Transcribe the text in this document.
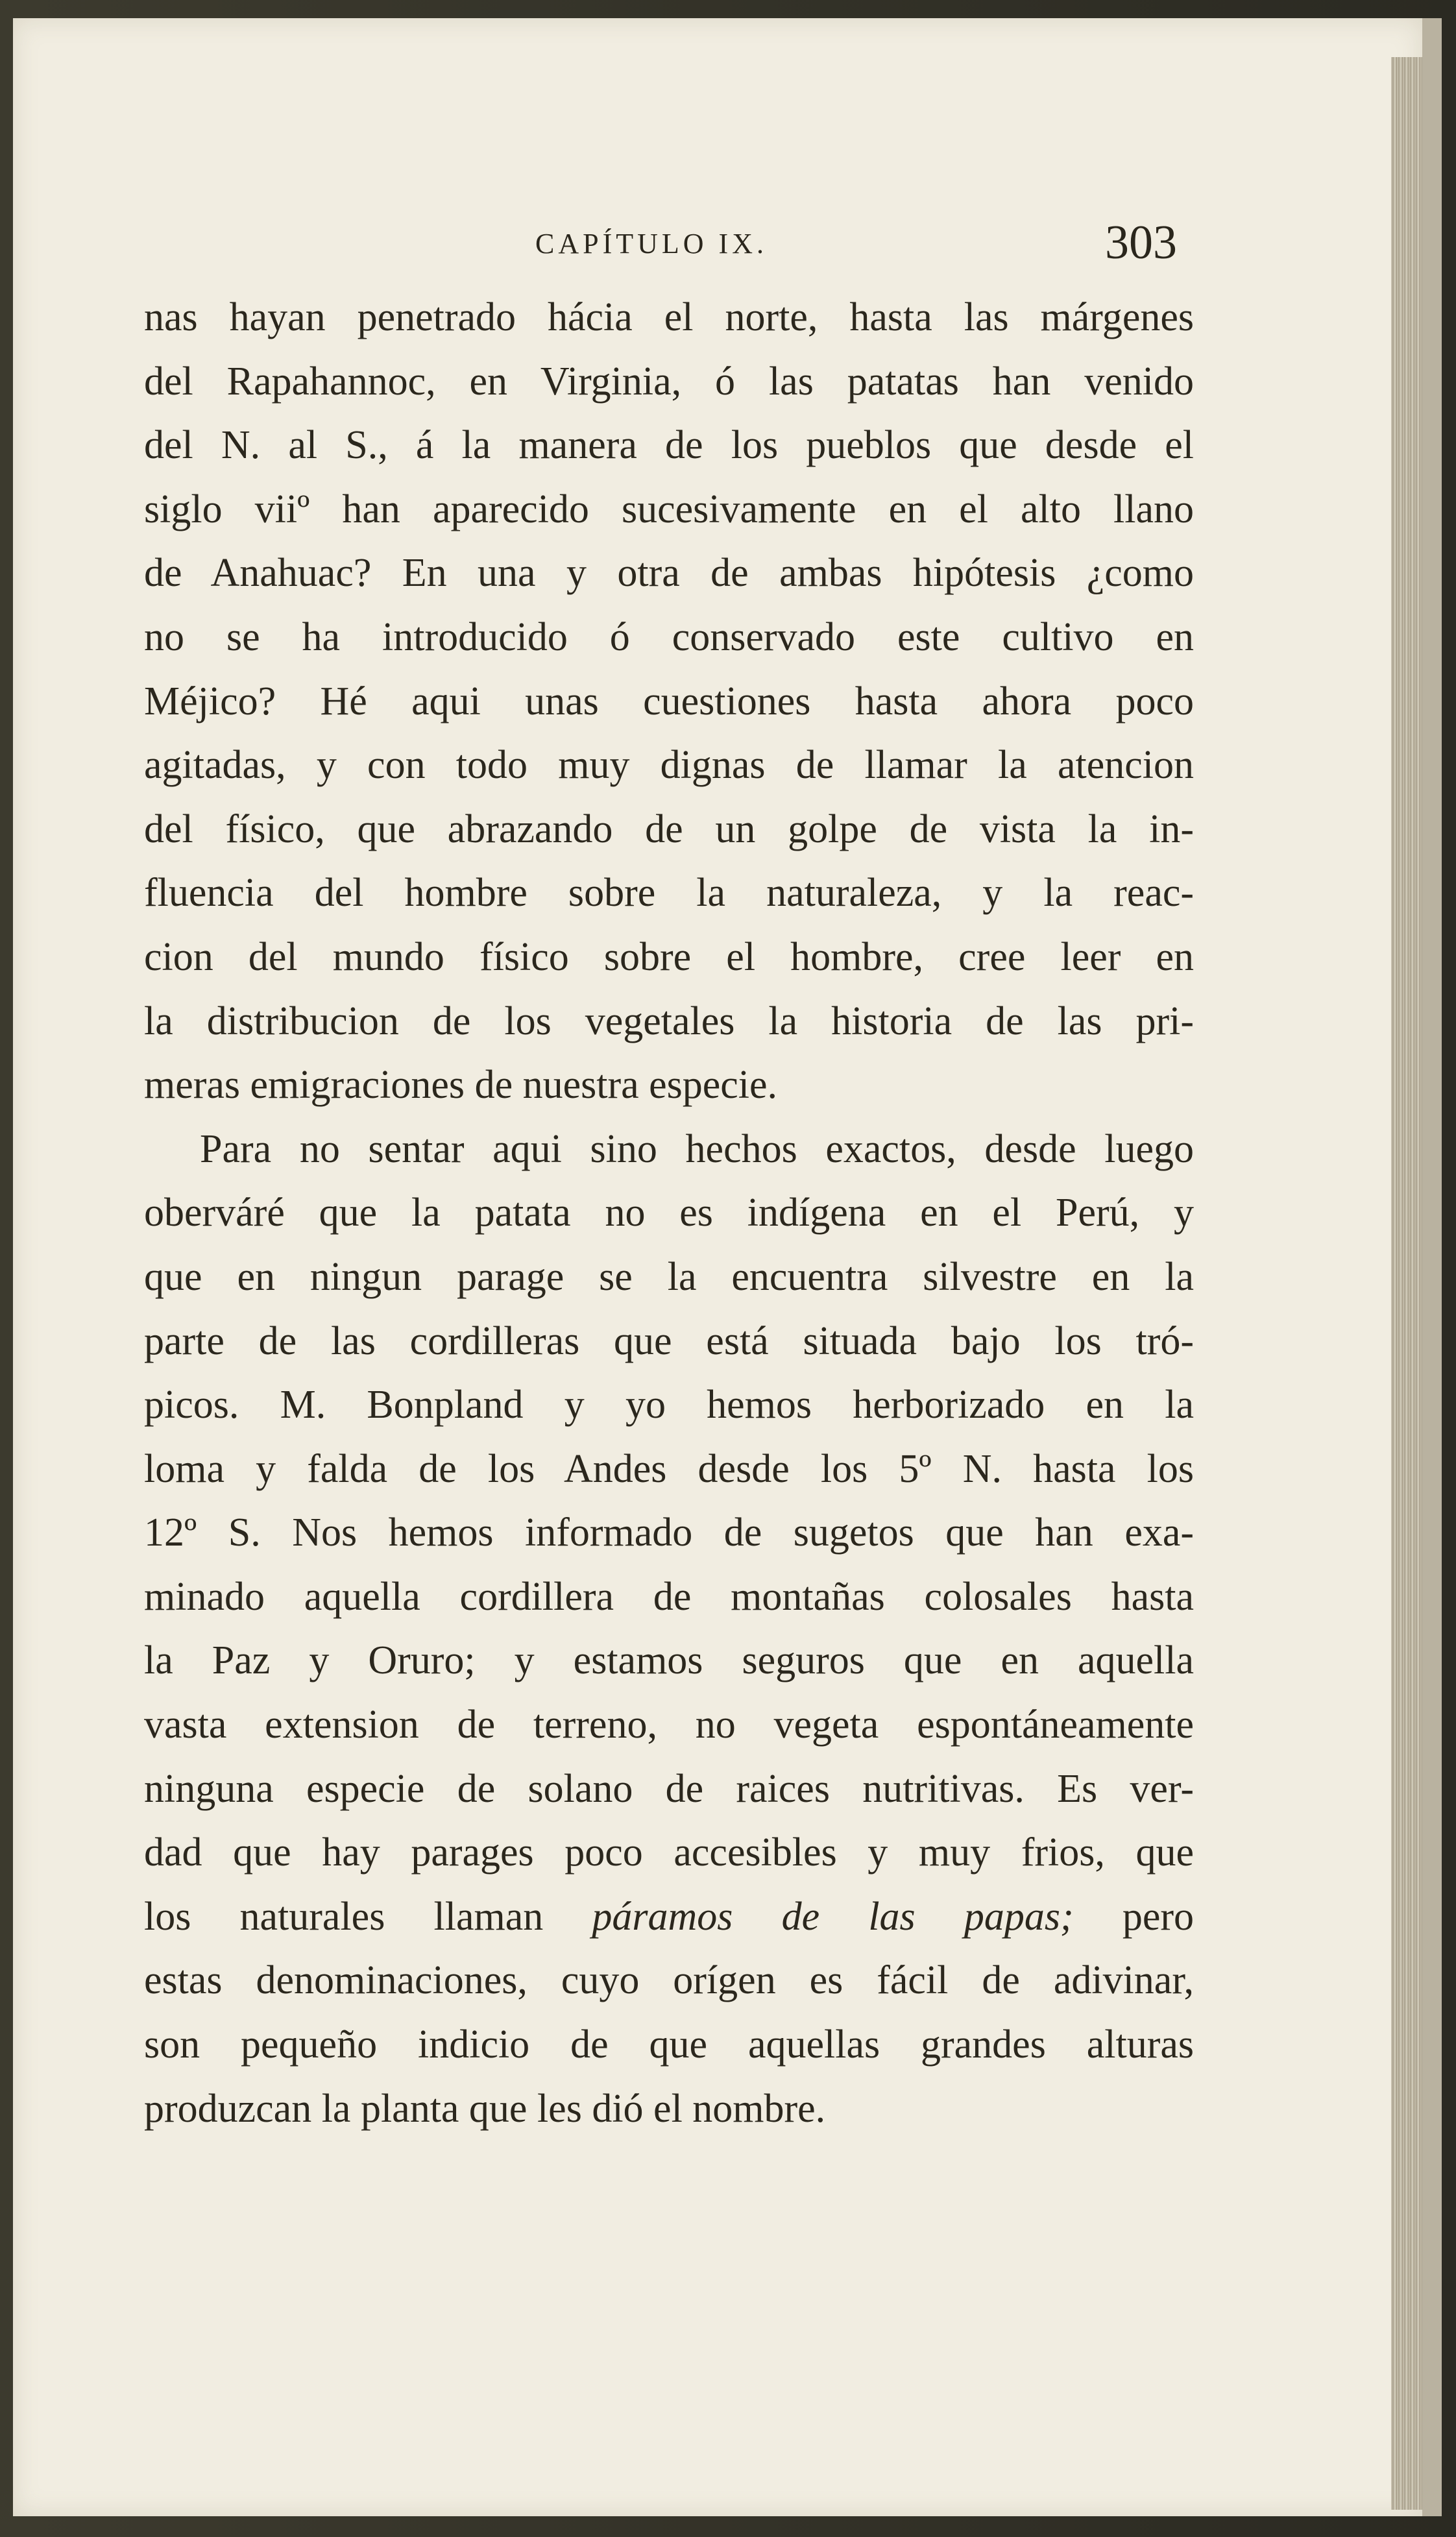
CAPÍTULO IX.	303
nas hayan penetrado hácia el norte, hasta las márgenes
del Rapahannoc, en Virginia, ó las patatas han venido
del N. al S., á la manera de los pueblos que desde el
siglo viiº han aparecido sucesivamente en el alto llano
de Anahuac? En una y otra de ambas hipótesis ¿como
no se ha introducido ó conservado este cultivo en
Méjico? Hé aqui unas cuestiones hasta ahora poco
agitadas, y con todo muy dignas de llamar la atencion
del físico, que abrazando de un golpe de vista la in-
fluencia del hombre sobre la naturaleza, y la reac-
cion del mundo físico sobre el hombre, cree leer en
la distribucion de los vegetales la historia de las pri-
meras emigraciones de nuestra especie.
Para no sentar aqui sino hechos exactos, desde luego
oberváré que la patata no es indígena en el Perú, y
que en ningun parage se la encuentra silvestre en la
parte de las cordilleras que está situada bajo los tró-
picos. M. Bonpland y yo hemos herborizado en la
loma y falda de los Andes desde los 5º N. hasta los
12º S. Nos hemos informado de sugetos que han exa-
minado aquella cordillera de montañas colosales hasta
la Paz y Oruro; y estamos seguros que en aquella
vasta extension de terreno, no vegeta espontáneamente
ninguna especie de solano de raices nutritivas. Es ver-
dad que hay parages poco accesibles y muy frios, que
los naturales llaman páramos de las papas; pero
estas denominaciones, cuyo orígen es fácil de adivinar,
son pequeño indicio de que aquellas grandes alturas
produzcan la planta que les dió el nombre.
